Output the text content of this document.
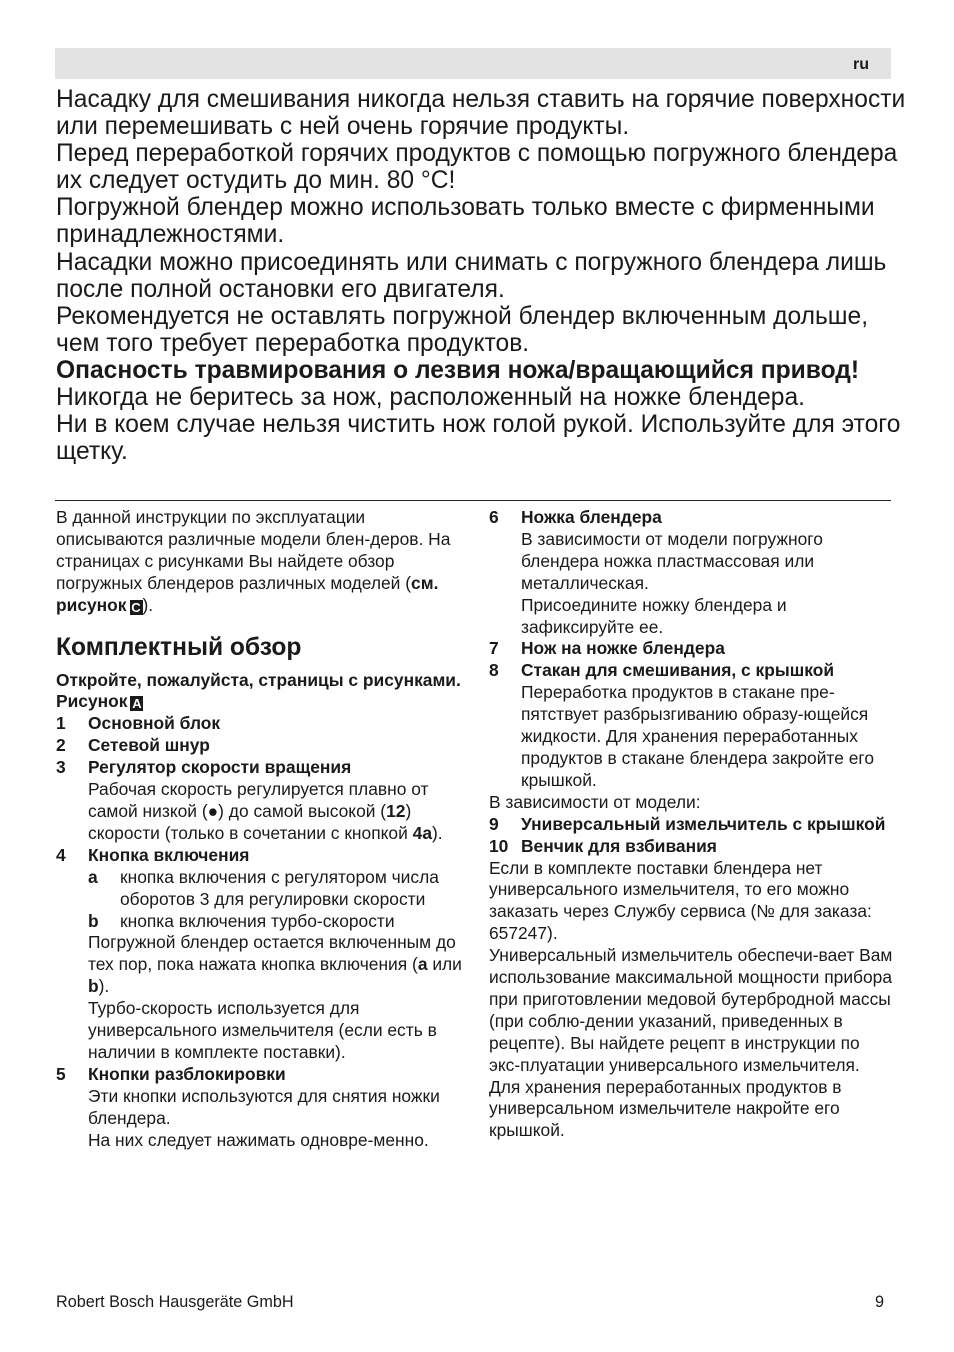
ru

Насадку для смешивания никогда нельзя ставить на горячие поверхности или перемешивать с ней очень горячие продукты.

Перед переработкой горячих продуктов с помощью погружного блендера их следует остудить до мин. 80 °C!

Погружной блендер можно использовать только вместе с фирменными принадлежностями.

Насадки можно присоединять или снимать с погружного блендера лишь после полной остановки его двигателя.

Рекомендуется не оставлять погружной блендер включенным дольше, чем того требует переработка продуктов.

Опасность травмирования о лезвия ножа/вращающийся привод!

Никогда не беритесь за нож, расположенный на ножке блендера.

Ни в коем случае нельзя чистить нож голой рукой. Используйте для этого щетку.

В данной инструкции по эксплуатации описываются различные модели блен-деров. На страницах с рисунками Вы найдете обзор погружных блендеров различных моделей (см. рисунок C ).

Комплектный обзор

Откройте, пожалуйста, страницы с рисунками.

Рисунок A

1	Основной блок
2	Сетевой шнур
3	Регулятор скорости вращения
Рабочая скорость регулируется плавно от самой низкой (●) до самой высокой (12) скорости (только в сочетании с кнопкой 4a).
4	Кнопка включения
a	кнопка включения с регулятором числа оборотов 3 для регулировки скорости
b	кнопка включения турбо-скорости
Погружной блендер остается включенным до тех пор, пока нажата кнопка включения (a или b).
Турбо-скорость используется для универсального измельчителя (если есть в наличии в комплекте поставки).
5	Кнопки разблокировки
Эти кнопки используются для снятия ножки блендера.
На них следует нажимать одновре-менно.
6	Ножка блендера
В зависимости от модели погружного блендера ножка пластмассовая или металлическая.
Присоедините ножку блендера и зафиксируйте ее.
7	Нож на ножке блендера
8	Стакан для смешивания, с крышкой
Переработка продуктов в стакане пре-пятствует разбрызгиванию образу-ющейся жидкости. Для хранения переработанных продуктов в стакане блендера закройте его крышкой.

В зависимости от модели:

9	Универсальный измельчитель с крышкой
10 Венчик для взбивания

Если в комплекте поставки блендера нет универсального измельчителя, то его можно заказать через Службу сервиса (№ для заказа: 657247).

Универсальный измельчитель обеспечи-вает Вам использование максимальной мощности прибора при приготовлении медовой бутербродной массы (при соблю-дении указаний, приведенных в рецепте). Вы найдете рецепт в инструкции по экс-плуатации универсального измельчителя. Для хранения переработанных продуктов в универсальном измельчителе накройте его крышкой.

Robert Bosch Hausgeräte GmbH	9
